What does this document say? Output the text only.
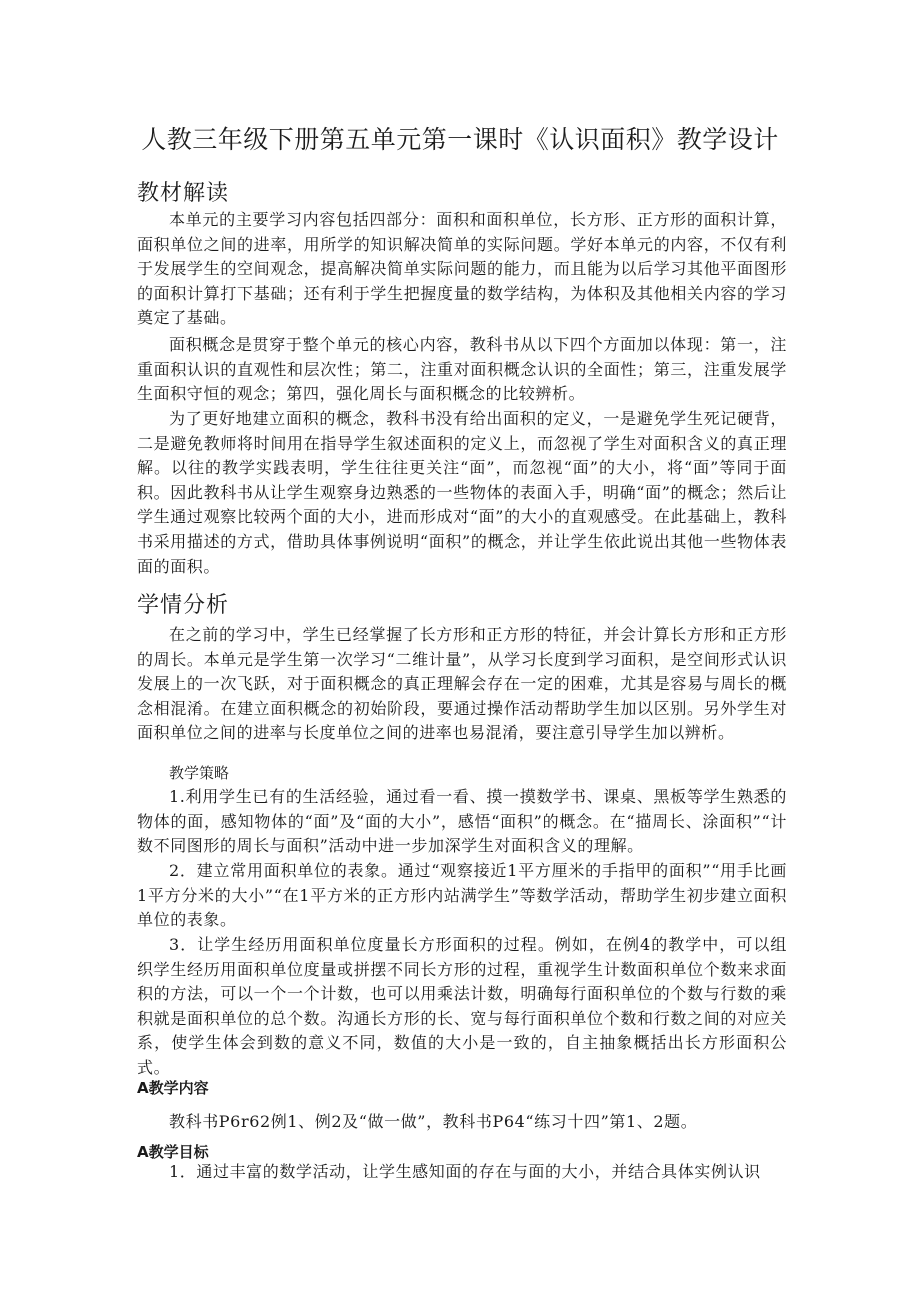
人教三年级下册第五单元第一课时《认识面积》教学设计
教材解读

本单元的主要学习内容包括四部分：面积和面积单位，长方形、正方形的面积计算，面积单位之间的进率，用所学的知识解决简单的实际问题。学好本单元的内容，不仅有利于发展学生的空间观念，提高解决简单实际问题的能力，而且能为以后学习其他平面图形的面积计算打下基础；还有利于学生把握度量的数学结构，为体积及其他相关内容的学习奠定了基础。

面积概念是贯穿于整个单元的核心内容，教科书从以下四个方面加以体现：第一，注重面积认识的直观性和层次性；第二，注重对面积概念认识的全面性；第三，注重发展学生面积守恒的观念；第四，强化周长与面积概念的比较辨析。

为了更好地建立面积的概念，教科书没有给出面积的定义，一是避免学生死记硬背，二是避免教师将时间用在指导学生叙述面积的定义上，而忽视了学生对面积含义的真正理解。以往的教学实践表明，学生往往更关注“面”，而忽视“面”的大小，将“面”等同于面积。因此教科书从让学生观察身边熟悉的一些物体的表面入手，明确“面”的概念；然后让学生通过观察比较两个面的大小，进而形成对“面”的大小的直观感受。在此基础上，教科书采用描述的方式，借助具体事例说明“面积”的概念，并让学生依此说出其他一些物体表面的面积。

学情分析

在之前的学习中，学生已经掌握了长方形和正方形的特征，并会计算长方形和正方形的周长。本单元是学生第一次学习“二维计量”，从学习长度到学习面积，是空间形式认识发展上的一次飞跃，对于面积概念的真正理解会存在一定的困难，尤其是容易与周长的概念相混淆。在建立面积概念的初始阶段，要通过操作活动帮助学生加以区别。另外学生对面积单位之间的进率与长度单位之间的进率也易混淆，要注意引导学生加以辨析。

教学策略

1.利用学生已有的生活经验，通过看一看、摸一摸数学书、课桌、黑板等学生熟悉的物体的面，感知物体的“面”及“面的大小”，感悟“面积”的概念。在“描周长、涂面积”“计数不同图形的周长与面积”活动中进一步加深学生对面积含义的理解。

2．建立常用面积单位的表象。通过“观察接近1平方厘米的手指甲的面积”“用手比画1平方分米的大小”“在1平方米的正方形内站满学生”等数学活动，帮助学生初步建立面积单位的表象。

3．让学生经历用面积单位度量长方形面积的过程。例如，在例4的教学中，可以组织学生经历用面积单位度量或拼摆不同长方形的过程，重视学生计数面积单位个数来求面积的方法，可以一个一个计数，也可以用乘法计数，明确每行面积单位的个数与行数的乘积就是面积单位的总个数。沟通长方形的长、宽与每行面积单位个数和行数之间的对应关系，使学生体会到数的意义不同，数值的大小是一致的，自主抽象概括出长方形面积公式。

A教学内容

教科书P6r62例1、例2及“做一做”，教科书P64“练习十四”第1、2题。

A教学目标

1．通过丰富的数学活动，让学生感知面的存在与面的大小，并结合具体实例认识
